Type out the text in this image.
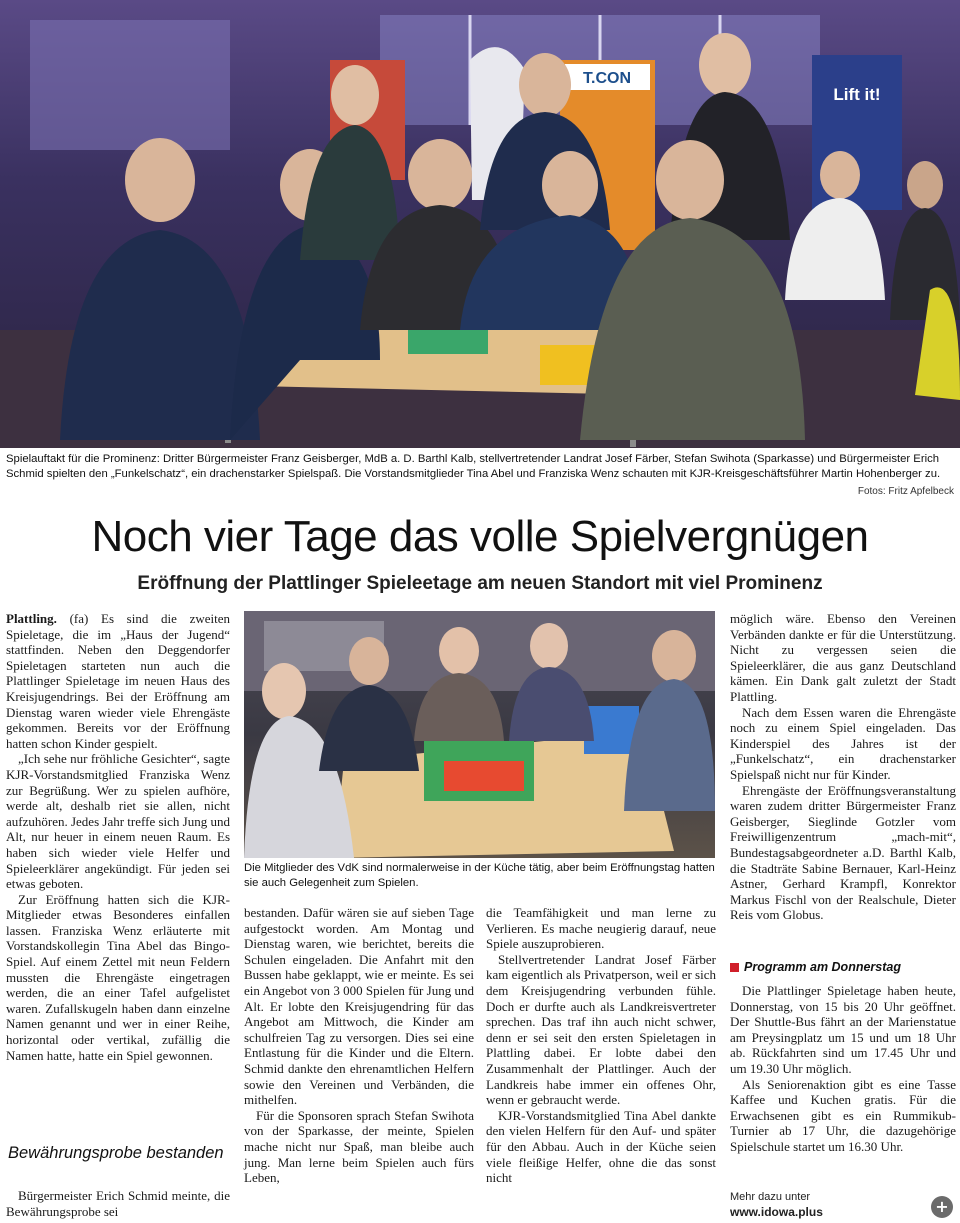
T.CON
Lift it!
Spielauftakt für die Prominenz: Dritter Bürgermeister Franz Geisberger, MdB a. D. Barthl Kalb, stellvertretender Landrat Josef Färber, Stefan Swihota (Sparkasse) und Bürgermeister Erich Schmid spielten den „Funkelschatz“, ein drachenstarker Spielspaß. Die Vorstandsmitglieder Tina Abel und Franziska Wenz schauten mit KJR-Kreisgeschäftsführer Martin Hohenberger zu.
Fotos: Fritz Apfelbeck
Noch vier Tage das volle Spielvergnügen
Eröffnung der Plattlinger Spieleetage am neuen Standort mit viel Prominenz

Plattling. (fa) Es sind die zweiten Spieletage, die im „Haus der Jugend“ stattfinden. Neben den Deggendorfer Spieletagen starteten nun auch die Plattlinger Spieletage im neuen Haus des Kreisjugendrings. Bei der Eröffnung am Dienstag waren wieder viele Ehrengäste gekommen. Bereits vor der Eröffnung hatten schon Kinder gespielt.

„Ich sehe nur fröhliche Gesichter“, sagte KJR-Vorstandsmitglied Franziska Wenz zur Begrüßung. Wer zu spielen aufhöre, werde alt, deshalb riet sie allen, nicht aufzuhören. Jedes Jahr treffe sich Jung und Alt, nur heuer in einem neuen Raum. Es haben sich wieder viele Helfer und Spieleerklärer angekündigt. Für jeden sei etwas geboten.

Zur Eröffnung hatten sich die KJR-Mitglieder etwas Besonderes einfallen lassen. Franziska Wenz erläuterte mit Vorstandskollegin Tina Abel das Bingo-Spiel. Auf einem Zettel mit neun Feldern mussten die Ehrengäste eingetragen werden, die an einer Tafel aufgelistet waren. Zufallskugeln haben dann einzelne Namen genannt und wer in einer Reihe, horizontal oder vertikal, zufällig die Namen hatte, hatte ein Spiel gewonnen.

Bewährungsprobe bestanden

Bürgermeister Erich Schmid meinte, die Bewährungsprobe sei

Die Mitglieder des VdK sind normalerweise in der Küche tätig, aber beim Eröffnungstag hatten sie auch Gelegenheit zum Spielen.

bestanden. Dafür wären sie auf sieben Tage aufgestockt worden. Am Montag und Dienstag waren, wie berichtet, bereits die Schulen eingeladen. Die Anfahrt mit den Bussen habe geklappt, wie er meinte. Es sei ein Angebot von 3 000 Spielen für Jung und Alt. Er lobte den Kreisjugendring für das Angebot am Mittwoch, die Kinder am schulfreien Tag zu versorgen. Dies sei eine Entlastung für die Kinder und die Eltern. Schmid dankte den ehrenamtlichen Helfern sowie den Vereinen und Verbänden, die mithelfen.

Für die Sponsoren sprach Stefan Swihota von der Sparkasse, der meinte, Spielen mache nicht nur Spaß, man bleibe auch jung. Man lerne beim Spielen auch fürs Leben,

die Teamfähigkeit und man lerne zu Verlieren. Es mache neugierig darauf, neue Spiele auszuprobieren.

Stellvertretender Landrat Josef Färber kam eigentlich als Privatperson, weil er sich dem Kreisjugendring verbunden fühle. Doch er durfte auch als Landkreisvertreter sprechen. Das traf ihn auch nicht schwer, denn er sei seit den ersten Spieletagen in Plattling dabei. Er lobte dabei den Zusammenhalt der Plattlinger. Auch der Landkreis habe immer ein offenes Ohr, wenn er gebraucht werde.

KJR-Vorstandsmitglied Tina Abel dankte den vielen Helfern für den Auf- und später für den Abbau. Auch in der Küche seien viele fleißige Helfer, ohne die das sonst nicht

möglich wäre. Ebenso den Vereinen Verbänden dankte er für die Unterstützung. Nicht zu vergessen seien die Spieleerklärer, die aus ganz Deutschland kämen. Ein Dank galt zuletzt der Stadt Plattling.

Nach dem Essen waren die Ehrengäste noch zu einem Spiel eingeladen. Das Kinderspiel des Jahres ist der „Funkelschatz“, ein drachenstarker Spielspaß nicht nur für Kinder.

Ehrengäste der Eröffnungsveranstaltung waren zudem dritter Bürgermeister Franz Geisberger, Sieglinde Gotzler vom Freiwilligenzentrum „mach-mit“, Bundestagsabgeordneter a.D. Barthl Kalb, die Stadträte Sabine Bernauer, Karl-Heinz Astner, Gerhard Krampfl, Konrektor Markus Fischl von der Realschule, Dieter Reis vom Globus.

Programm am Donnerstag

Die Plattlinger Spieletage haben heute, Donnerstag, von 15 bis 20 Uhr geöffnet. Der Shuttle-Bus fährt an der Marienstatue am Preysingplatz um 15 und um 18 Uhr ab. Rückfahrten sind um 17.45 Uhr und um 19.30 Uhr möglich.

Als Seniorenaktion gibt es eine Tasse Kaffee und Kuchen gratis. Für die Erwachsenen gibt es ein Rummikub-Turnier ab 17 Uhr, die dazugehörige Spielschule startet um 16.30 Uhr.

Mehr dazu unter
www.idowa.plus	+
